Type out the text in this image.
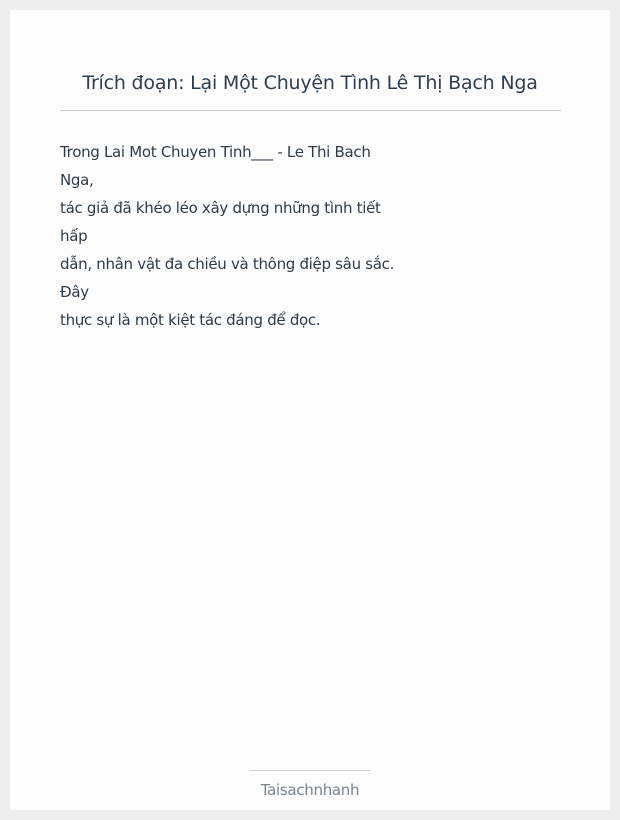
Trích đoạn: Lại Một Chuyện Tình Lê Thị Bạch Nga
Trong Lai Mot Chuyen Tinh___ - Le Thi Bach
Nga,
tác giả đã khéo léo xây dựng những tình tiết
hấp
dẫn, nhân vật đa chiều và thông điệp sâu sắc.
Đây
thực sự là một kiệt tác đáng để đọc.
Taisachnhanh
